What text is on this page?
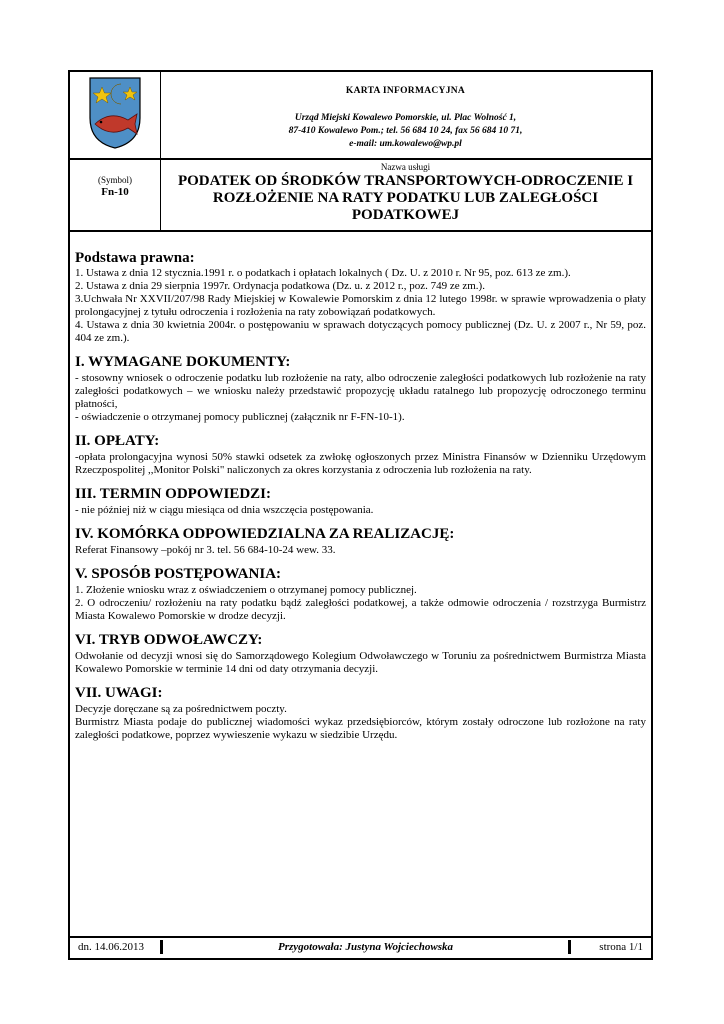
KARTA INFORMACYJNA
Urząd Miejski Kowalewo Pomorskie, ul. Plac Wolność 1,
87-410 Kowalewo Pom.; tel. 56 684 10 24, fax 56 684 10 71,
e-mail: um.kowalewo@wp.pl
(Symbol)
Fn-10
Nazwa usługi
PODATEK OD ŚRODKÓW TRANSPORTOWYCH-ODROCZENIE I ROZŁOŻENIE NA RATY PODATKU LUB ZALEGŁOŚCI PODATKOWEJ

Podstawa prawna:

1. Ustawa z dnia 12 stycznia.1991 r. o podatkach i opłatach lokalnych ( Dz. U. z 2010 r. Nr 95, poz. 613 ze zm.).

2. Ustawa z dnia 29 sierpnia 1997r. Ordynacja podatkowa (Dz. u. z 2012 r., poz. 749 ze zm.).

3.Uchwała Nr XXVII/207/98 Rady Miejskiej w Kowalewie Pomorskim z dnia 12 lutego 1998r. w sprawie wprowadzenia o płaty prolongacyjnej z tytułu odroczenia i rozłożenia na raty zobowiązań podatkowych.

4. Ustawa z dnia 30 kwietnia 2004r. o postępowaniu w sprawach dotyczących pomocy publicznej (Dz. U. z 2007 r., Nr 59, poz. 404 ze zm.).

I. WYMAGANE DOKUMENTY:

- stosowny wniosek o odroczenie podatku lub rozłożenie na raty, albo odroczenie zaległości podatkowych lub rozłożenie na raty zaległości podatkowych – we wniosku należy przedstawić propozycję układu ratalnego lub propozycję odroczonego terminu płatności,

- oświadczenie o otrzymanej pomocy publicznej (załącznik nr F-FN-10-1).

II. OPŁATY:

-opłata prolongacyjna wynosi 50% stawki odsetek za zwłokę ogłoszonych przez Ministra Finansów w Dzienniku Urzędowym Rzeczpospolitej ,,Monitor Polski" naliczonych za okres korzystania z odroczenia lub rozłożenia na raty.

III. TERMIN ODPOWIEDZI:

- nie później niż w ciągu miesiąca od dnia wszczęcia postępowania.

IV. KOMÓRKA ODPOWIEDZIALNA ZA REALIZACJĘ:

Referat Finansowy –pokój nr 3. tel. 56 684-10-24 wew. 33.

V. SPOSÓB POSTĘPOWANIA:

1. Złożenie wniosku wraz z oświadczeniem o otrzymanej pomocy publicznej.

2. O odroczeniu/ rozłożeniu na raty podatku bądź zaległości podatkowej, a także odmowie odroczenia / rozstrzyga Burmistrz Miasta Kowalewo Pomorskie w drodze decyzji.

VI. TRYB ODWOŁAWCZY:

Odwołanie od decyzji wnosi się do Samorządowego Kolegium Odwoławczego w Toruniu za pośrednictwem Burmistrza Miasta Kowalewo Pomorskie w terminie 14 dni od daty otrzymania decyzji.

VII. UWAGI:

Decyzje doręczane są za pośrednictwem poczty.

Burmistrz Miasta podaje do publicznej wiadomości wykaz przedsiębiorców, którym zostały odroczone lub rozłożone na raty zaległości podatkowe, poprzez wywieszenie wykazu w siedzibie Urzędu.

dn. 14.06.2013	Przygotowała: Justyna Wojciechowska	strona 1/1
